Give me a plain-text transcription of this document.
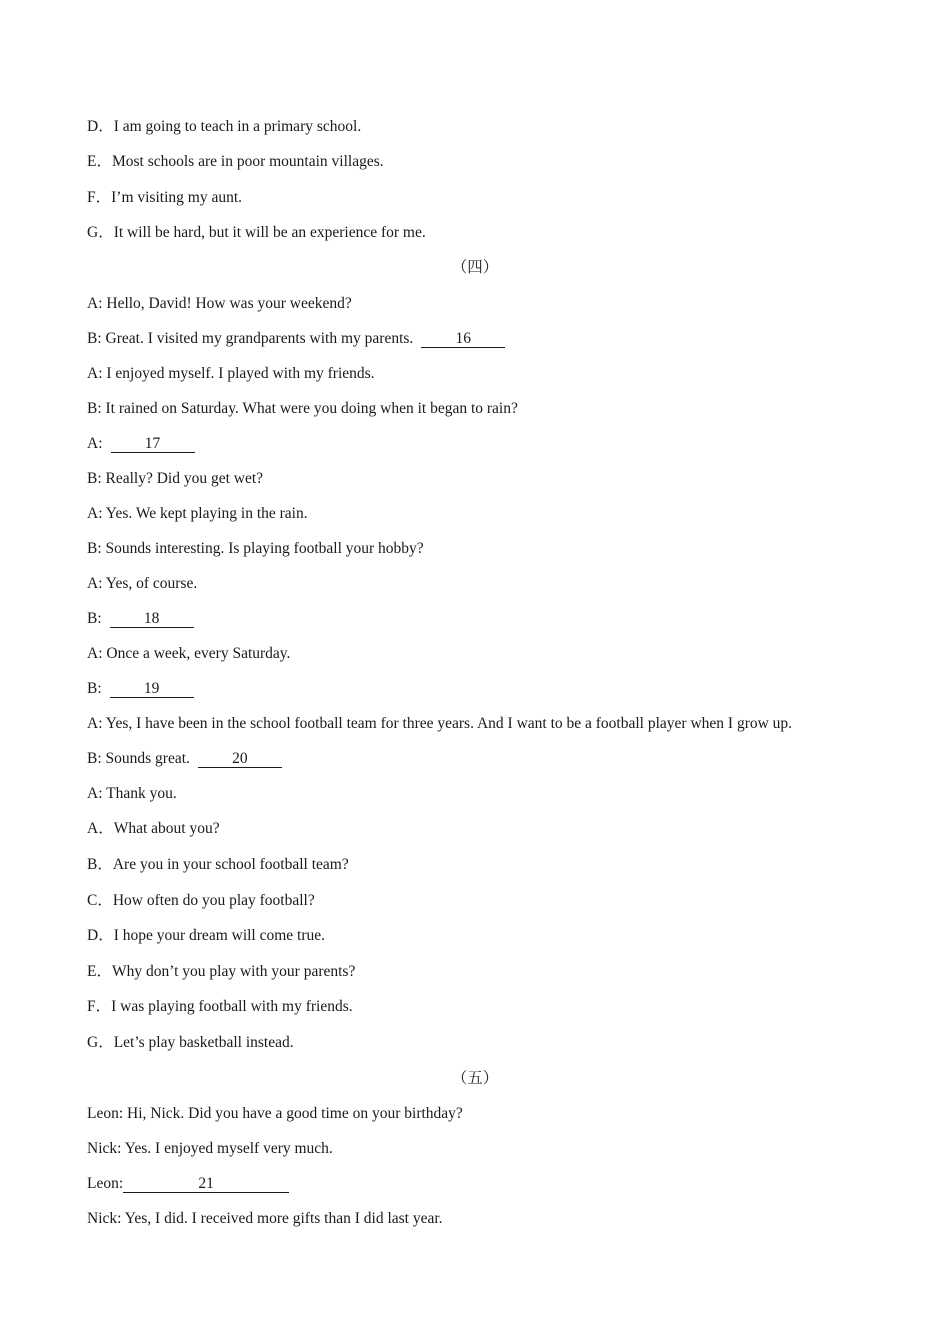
D．I am going to teach in a primary school.
E．Most schools are in poor mountain villages.
F．I’m visiting my aunt.
G．It will be hard, but it will be an experience for me.
（四）
A: Hello, David! How was your weekend?
B: Great. I visited my grandparents with my parents.	16
A: I enjoyed myself. I played with my friends.
B: It rained on Saturday. What were you doing when it began to rain?
A:	17
B: Really? Did you get wet?
A: Yes. We kept playing in the rain.
B: Sounds interesting. Is playing football your hobby?
A: Yes, of course.
B:	18
A: Once a week, every Saturday.
B:	19
A: Yes, I have been in the school football team for three years. And I want to be a football player when I grow up.
B: Sounds great.	20
A: Thank you.
A．What about you?
B．Are you in your school football team?
C．How often do you play football?
D．I hope your dream will come true.
E．Why don’t you play with your parents?
F．I was playing football with my friends.
G．Let’s play basketball instead.
（五）
Leon: Hi, Nick. Did you have a good time on your birthday?
Nick: Yes. I enjoyed myself very much.
Leon:	21
Nick: Yes, I did. I received more gifts than I did last year.
